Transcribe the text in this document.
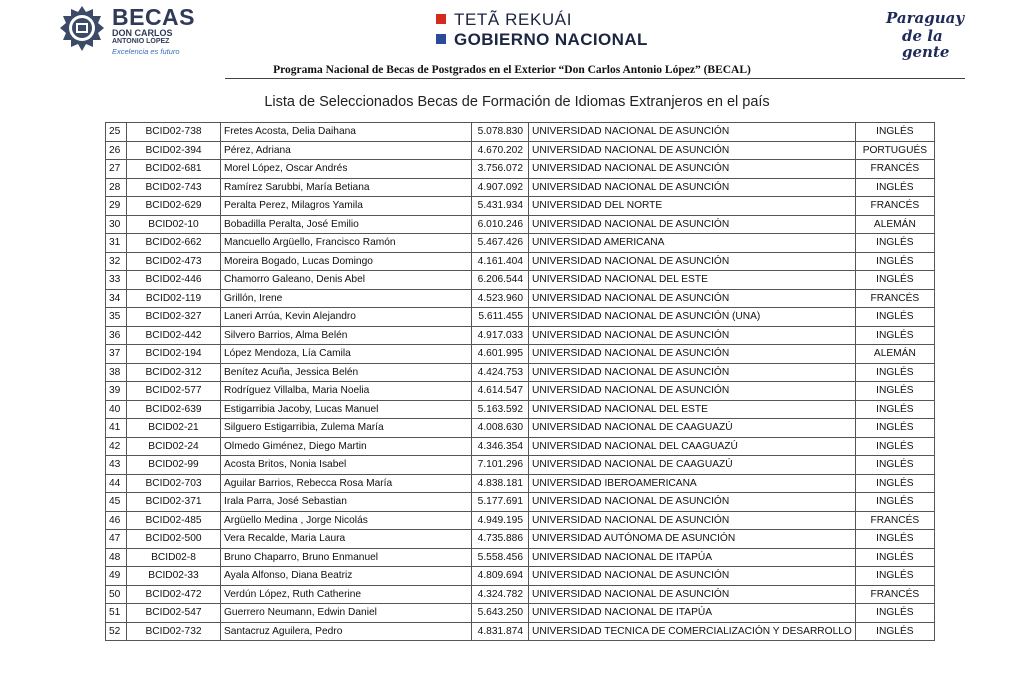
BECAS
DON CARLOS
ANTONIO LÓPEZ
Excelencia es futuro
TETÃ REKUÁI
GOBIERNO NACIONAL
Paraguay
de la gente
Programa Nacional de Becas de Postgrados en el Exterior “Don Carlos Antonio López” (BECAL)
Lista de Seleccionados Becas de Formación de Idiomas Extranjeros en el país
25	BCID02-738	Fretes Acosta, Delia Daihana	5.078.830	UNIVERSIDAD NACIONAL DE ASUNCIÓN	INGLÉS
26	BCID02-394	Pérez, Adriana	4.670.202	UNIVERSIDAD NACIONAL DE ASUNCIÓN	PORTUGUÉS
27	BCID02-681	Morel López, Oscar Andrés	3.756.072	UNIVERSIDAD NACIONAL DE ASUNCIÓN	FRANCÉS
28	BCID02-743	Ramírez Sarubbi, María Betiana	4.907.092	UNIVERSIDAD NACIONAL DE ASUNCIÓN	INGLÉS
29	BCID02-629	Peralta Perez, Milagros Yamila	5.431.934	UNIVERSIDAD DEL NORTE	FRANCÉS
30	BCID02-10	Bobadilla Peralta, José Emilio	6.010.246	UNIVERSIDAD NACIONAL DE ASUNCIÓN	ALEMÁN
31	BCID02-662	Mancuello Argüello, Francisco Ramón	5.467.426	UNIVERSIDAD AMERICANA	INGLÉS
32	BCID02-473	Moreira Bogado, Lucas Domingo	4.161.404	UNIVERSIDAD NACIONAL DE ASUNCIÓN	INGLÉS
33	BCID02-446	Chamorro Galeano, Denis Abel	6.206.544	UNIVERSIDAD NACIONAL DEL ESTE	INGLÉS
34	BCID02-119	Grillón, Irene	4.523.960	UNIVERSIDAD NACIONAL DE ASUNCIÓN	FRANCÉS
35	BCID02-327	Laneri Arrúa, Kevin Alejandro	5.611.455	UNIVERSIDAD NACIONAL DE ASUNCIÓN (UNA)	INGLÉS
36	BCID02-442	Silvero Barrios, Alma Belén	4.917.033	UNIVERSIDAD NACIONAL DE ASUNCIÓN	INGLÉS
37	BCID02-194	López Mendoza, Lía Camila	4.601.995	UNIVERSIDAD NACIONAL DE ASUNCIÓN	ALEMÁN
38	BCID02-312	Benítez Acuña, Jessica Belén	4.424.753	UNIVERSIDAD NACIONAL DE ASUNCIÓN	INGLÉS
39	BCID02-577	Rodríguez Villalba, Maria Noelia	4.614.547	UNIVERSIDAD NACIONAL DE ASUNCIÓN	INGLÉS
40	BCID02-639	Estigarribia Jacoby, Lucas Manuel	5.163.592	UNIVERSIDAD NACIONAL DEL ESTE	INGLÉS
41	BCID02-21	Silguero Estigarribia, Zulema María	4.008.630	UNIVERSIDAD NACIONAL DE CAAGUAZÚ	INGLÉS
42	BCID02-24	Olmedo Giménez, Diego Martin	4.346.354	UNIVERSIDAD NACIONAL DEL CAAGUAZÚ	INGLÉS
43	BCID02-99	Acosta Britos, Nonia Isabel	7.101.296	UNIVERSIDAD NACIONAL DE CAAGUAZÚ	INGLÉS
44	BCID02-703	Aguilar Barrios, Rebecca Rosa María	4.838.181	UNIVERSIDAD IBEROAMERICANA	INGLÉS
45	BCID02-371	Irala Parra, José Sebastian	5.177.691	UNIVERSIDAD NACIONAL DE ASUNCIÓN	INGLÉS
46	BCID02-485	Argüello Medina , Jorge Nicolás	4.949.195	UNIVERSIDAD NACIONAL DE ASUNCIÓN	FRANCÉS
47	BCID02-500	Vera Recalde, Maria Laura	4.735.886	UNIVERSIDAD AUTÓNOMA DE ASUNCIÓN	INGLÉS
48	BCID02-8	Bruno Chaparro, Bruno Enmanuel	5.558.456	UNIVERSIDAD NACIONAL DE ITAPÚA	INGLÉS
49	BCID02-33	Ayala Alfonso, Diana Beatriz	4.809.694	UNIVERSIDAD NACIONAL DE ASUNCIÓN	INGLÉS
50	BCID02-472	Verdún López, Ruth Catherine	4.324.782	UNIVERSIDAD NACIONAL DE ASUNCIÓN	FRANCÉS
51	BCID02-547	Guerrero Neumann, Edwin Daniel	5.643.250	UNIVERSIDAD NACIONAL DE ITAPÚA	INGLÉS
52	BCID02-732	Santacruz Aguilera, Pedro	4.831.874	UNIVERSIDAD TECNICA DE COMERCIALIZACIÓN Y DESARROLLO	INGLÉS
